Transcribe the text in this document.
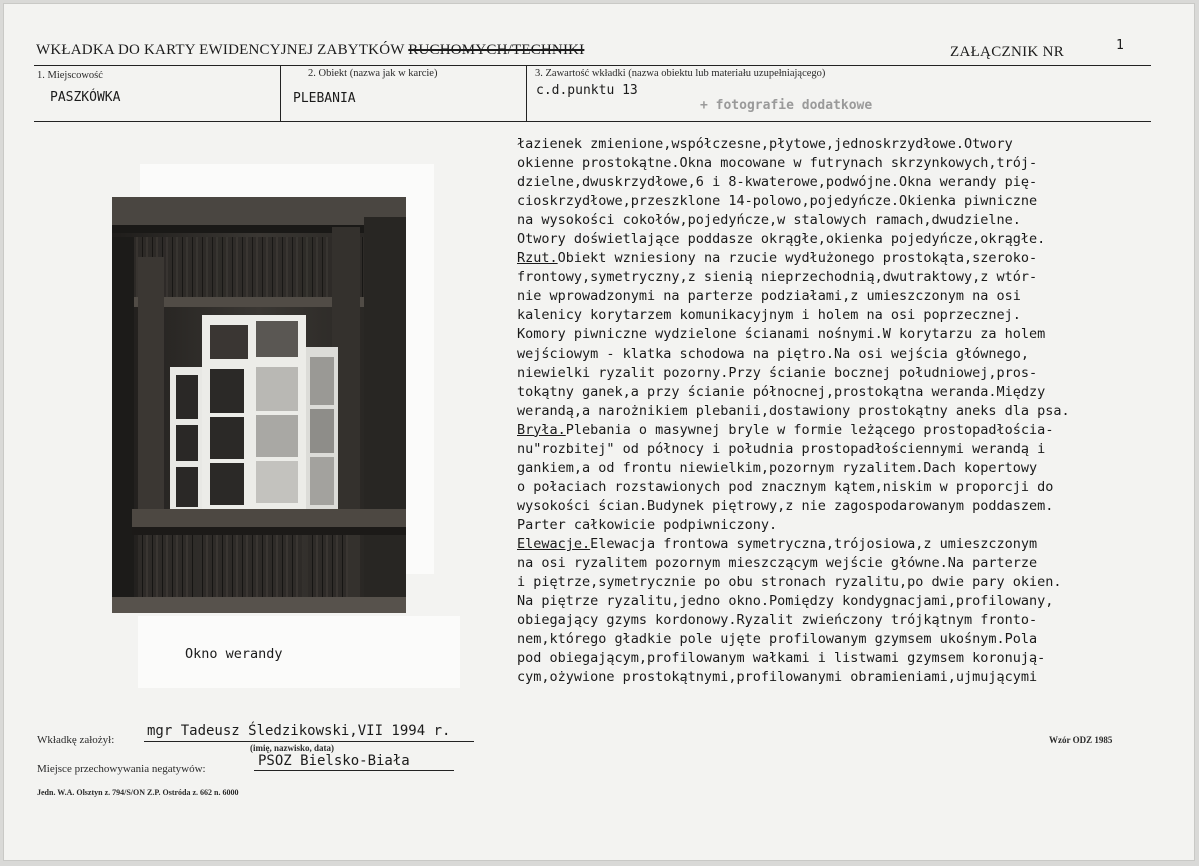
WKŁADKA DO KARTY EWIDENCYJNEJ ZABYTKÓW RUCHOMYCH/TECHNIKI	ZAŁĄCZNIK NR	1
1. Miejscowość
PASZKÓWKA
2. Obiekt (nazwa jak w karcie)
PLEBANIA
3. Zawartość wkładki (nazwa obiektu lub materiału uzupełniającego)
c.d.punktu 13
+ fotografie dodatkowe
Okno werandy
łazienek zmienione,współczesne,płytowe,jednoskrzydłowe.Otwory
okienne prostokątne.Okna mocowane w futrynach skrzynkowych,trój-
dzielne,dwuskrzydłowe,6 i 8-kwaterowe,podwójne.Okna werandy pię-
cioskrzydłowe,przeszklone 14-polowo,pojedyńcze.Okienka piwniczne
na wysokości cokołów,pojedyńcze,w stalowych ramach,dwudzielne.
Otwory doświetlające poddasze okrągłe,okienka pojedyńcze,okrągłe.
Rzut.Obiekt wzniesiony na rzucie wydłużonego prostokąta,szeroko-
frontowy,symetryczny,z sienią nieprzechodnią,dwutraktowy,z wtór-
nie wprowadzonymi na parterze podziałami,z umieszczonym na osi
kalenicy korytarzem komunikacyjnym i holem na osi poprzecznej.
Komory piwniczne wydzielone ścianami nośnymi.W korytarzu za holem
wejściowym - klatka schodowa na piętro.Na osi wejścia głównego,
niewielki ryzalit pozorny.Przy ścianie bocznej południowej,pros-
tokątny ganek,a przy ścianie północnej,prostokątna weranda.Między
werandą,a narożnikiem plebanii,dostawiony prostokątny aneks dla psa.
Bryła.Plebania o masywnej bryle w formie leżącego prostopadłościa-
nu"rozbitej" od północy i południa prostopadłościennymi werandą i
gankiem,a od frontu niewielkim,pozornym ryzalitem.Dach kopertowy
o połaciach rozstawionych pod znacznym kątem,niskim w proporcji do
wysokości ścian.Budynek piętrowy,z nie zagospodarowanym poddaszem.
Parter całkowicie podpiwniczony.
Elewacje.Elewacja frontowa symetryczna,trójosiowa,z umieszczonym
na osi ryzalitem pozornym mieszczącym wejście główne.Na parterze
i piętrze,symetrycznie po obu stronach ryzalitu,po dwie pary okien.
Na piętrze ryzalitu,jedno okno.Pomiędzy kondygnacjami,profilowany,
obiegający gzyms kordonowy.Ryzalit zwieńczony trójkątnym fronto-
nem,którego gładkie pole ujęte profilowanym gzymsem ukośnym.Pola
pod obiegającym,profilowanym wałkami i listwami gzymsem koronują-
cym,ożywione prostokątnymi,profilowanymi obramieniami,ujmującymi
Wkładkę założył:
mgr Tadeusz Śledzikowski,VII 1994 r.
(imię, nazwisko, data)
Miejsce przechowywania negatywów:	PSOZ Bielsko-Biała
Wzór ODZ 1985
Jedn. W.A. Olsztyn z. 794/S/ON Z.P. Ostróda z. 662 n. 6000
